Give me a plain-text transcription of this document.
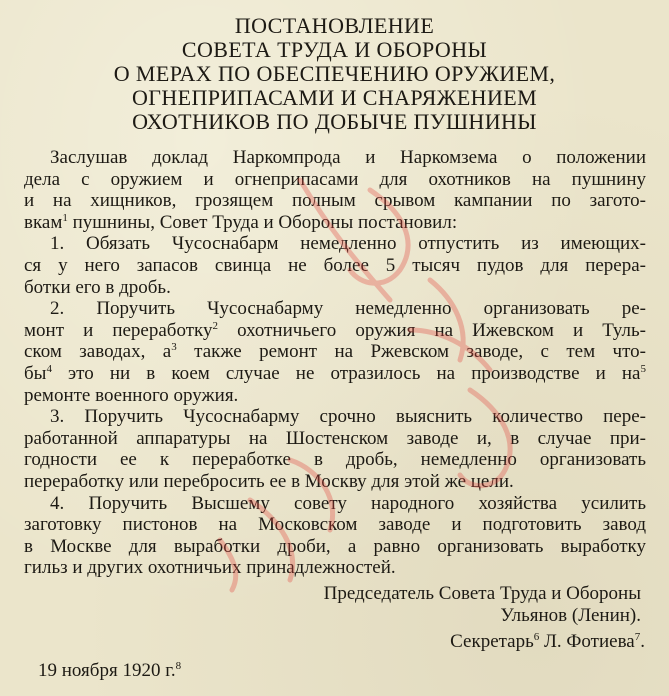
ПОСТАНОВЛЕНИЕ
СОВЕТА ТРУДА И ОБОРОНЫ
О МЕРАХ ПО ОБЕСПЕЧЕНИЮ ОРУЖИЕМ,
ОГНЕПРИПАСАМИ И СНАРЯЖЕНИЕМ
ОХОТНИКОВ ПО ДОБЫЧЕ ПУШНИНЫ
Заслушав доклад Наркомпрода и Наркомзема о положении
дела с оружием и огнеприпасами для охотников на пушнину
и на хищников, грозящем полным срывом кампании по загото-
вкам$^1$ пушнины, Совет Труда и Обороны постановил:
1. Обязать Чусоснабарм немедленно отпустить из имеющих-
ся у него запасов свинца не более 5 тысяч пудов для перера-
ботки его в дробь.
2. Поручить Чусоснабарму немедленно организовать ре-
монт и переработку$^2$ охотничьего оружия на Ижевском и Туль-
ском заводах, $а^3$ также ремонт на Ржевском заводе, с тем что-
$бы^4$ это ни в коем случае не отразилось на производстве и $на^5$
ремонте военного оружия.
3. Поручить Чусоснабарму срочно выяснить количество пере-
работанной аппаратуры на Шостенском заводе и, в случае при-
годности ее к переработке в дробь, немедленно организовать
переработку или перебросить ее в Москву для этой же цели.
4. Поручить Высшему совету народного хозяйства усилить
заготовку пистонов на Московском заводе и подготовить завод
в Москве для выработки дроби, а равно организовать выработку
гильз и других охотничьих принадлежностей.
Председатель Совета Труда и Обороны
Ульянов (Ленин).
Секретарь$^6$ Л. Фотиева$^7$.
19 ноября 1920 г.$^8$
